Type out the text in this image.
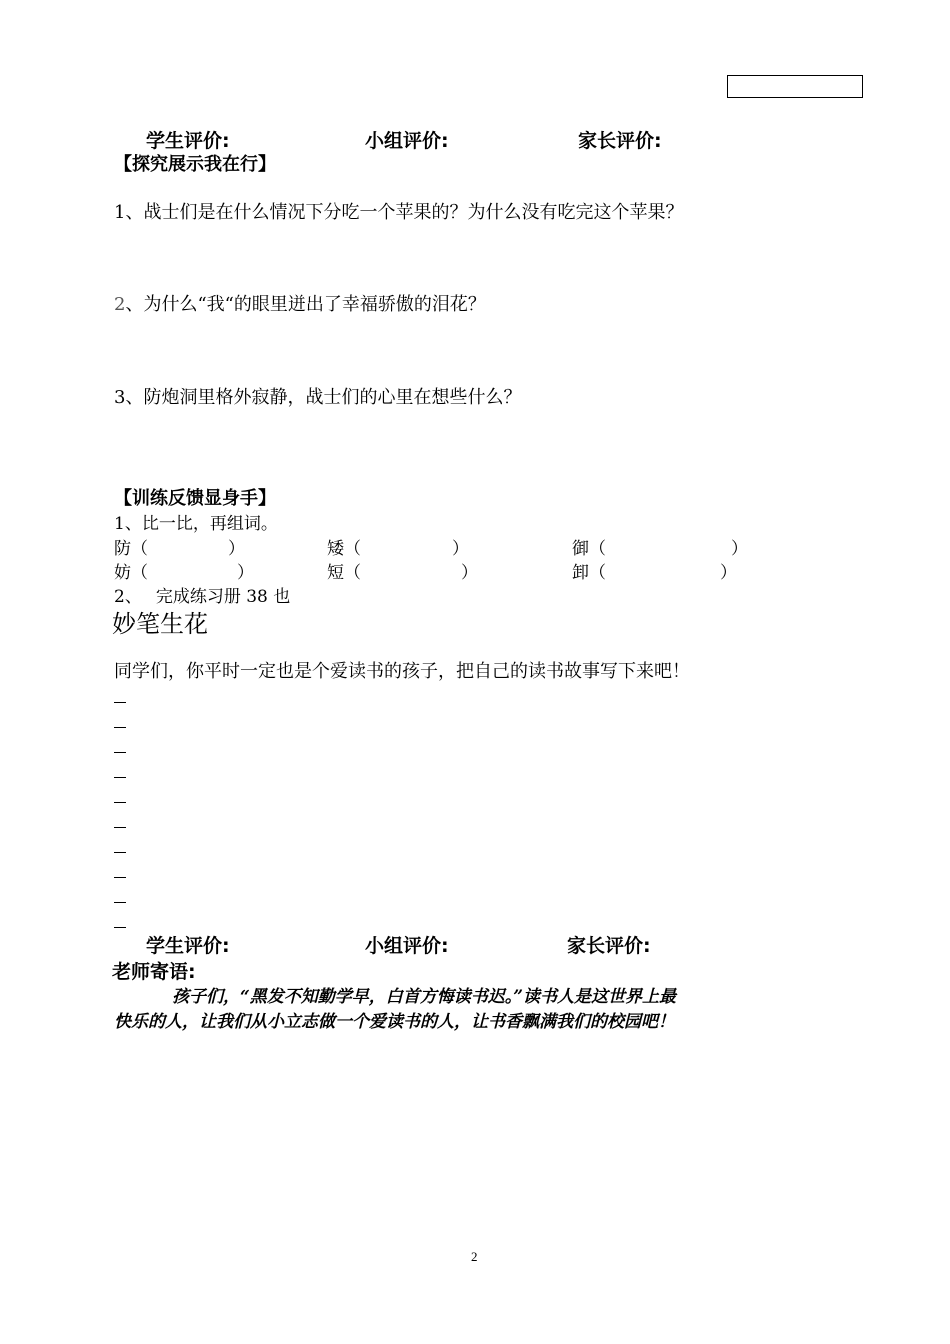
学生评价:	小组评价:	家长评价:
【探究展示我在行】
1、战士们是在什么情况下分吃一个苹果的？为什么没有吃完这个苹果？
2、为什么“我“的眼里迸出了幸福骄傲的泪花？
3、防炮洞里格外寂静，战士们的心里在想些什么？
【训练反馈显身手】
1、比一比，再组词。
防（	）	矮（	）	御（	）
妨（	）	短（	）	卸（	）
2、 完成练习册 38 也
妙笔生花
同学们，你平时一定也是个爱读书的孩子，把自己的读书故事写下来吧！
学生评价:	小组评价:	家长评价:
老师寄语:
孩子们，“黑发不知勤学早，白首方悔读书迟。”读书人是这世界上最
快乐的人，让我们从小立志做一个爱读书的人，让书香飘满我们的校园吧！
2
